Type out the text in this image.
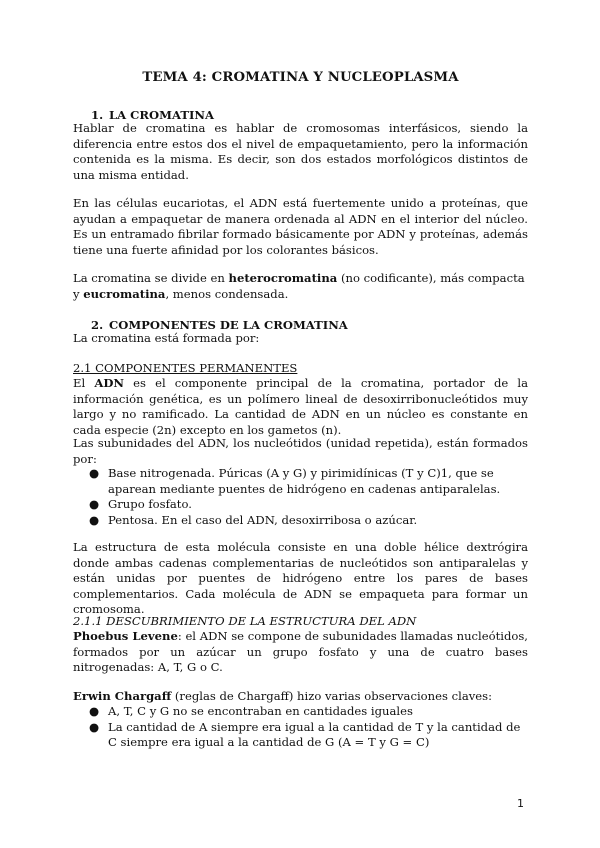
TEMA 4: CROMATINA Y NUCLEOPLASMA
1. LA CROMATINA

Hablar de cromatina es hablar de cromosomas interfásicos, siendo la diferencia entre estos dos el nivel de empaquetamiento, pero la información contenida es la misma. Es decir, son dos estados morfológicos distintos de una misma entidad.

En las células eucariotas, el ADN está fuertemente unido a proteínas, que ayudan a empaquetar de manera ordenada al ADN en el interior del núcleo. Es un entramado fibrilar formado básicamente por ADN y proteínas, además tiene una fuerte afinidad por los colorantes básicos.

La cromatina se divide en heterocromatina (no codificante), más compacta y eucromatina, menos condensada.

2. COMPONENTES DE LA CROMATINA

La cromatina está formada por:

2.1 COMPONENTES PERMANENTES

El ADN es el componente principal de la cromatina, portador de la información genética, es un polímero lineal de desoxirribonucleótidos muy largo y no ramificado. La cantidad de ADN en un núcleo es constante en cada especie (2n) excepto en los gametos (n).

Las subunidades del ADN, los nucleótidos (unidad repetida), están formados por:

● Base nitrogenada. Púricas (A y G) y pirimidínicas (T y C)1, que se aparean mediante puentes de hidrógeno en cadenas antiparalelas.
● Grupo fosfato.
● Pentosa. En el caso del ADN, desoxirribosa o azúcar.

La estructura de esta molécula consiste en una doble hélice dextrógira donde ambas cadenas complementarias de nucleótidos son antiparalelas y están unidas por puentes de hidrógeno entre los pares de bases complementarios. Cada molécula de ADN se empaqueta para formar un cromosoma.

2.1.1 DESCUBRIMIENTO DE LA ESTRUCTURA DEL ADN

Phoebus Levene: el ADN se compone de subunidades llamadas nucleótidos, formados por un azúcar un grupo fosfato y una de cuatro bases nitrogenadas: A, T, G o C.

Erwin Chargaff (reglas de Chargaff) hizo varias observaciones claves:

● A, T, C y G no se encontraban en cantidades iguales
● La cantidad de A siempre era igual a la cantidad de T y la cantidad de C siempre era igual a la cantidad de G (A = T y G = C)
1
